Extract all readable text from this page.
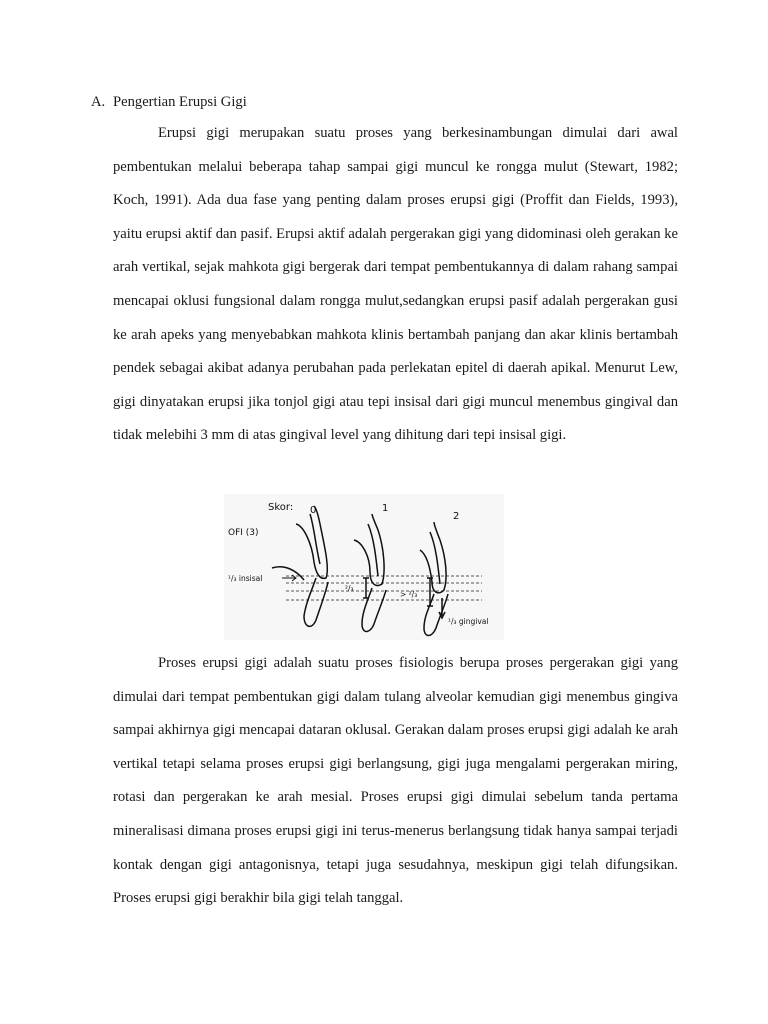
A. Pengertian Erupsi Gigi

Erupsi gigi merupakan suatu proses yang berkesinambungan dimulai dari awal pembentukan melalui beberapa tahap sampai gigi muncul ke rongga mulut (Stewart, 1982; Koch, 1991). Ada dua fase yang penting dalam proses erupsi gigi (Proffit dan Fields, 1993), yaitu erupsi aktif dan pasif. Erupsi aktif adalah pergerakan gigi yang didominasi oleh gerakan ke arah vertikal, sejak mahkota gigi bergerak dari tempat pembentukannya di dalam rahang sampai mencapai oklusi fungsional dalam rongga mulut,sedangkan erupsi pasif adalah pergerakan gusi ke arah apeks yang menyebabkan mahkota klinis bertambah panjang dan akar klinis bertambah pendek sebagai akibat adanya perubahan pada perlekatan epitel di daerah apikal. Menurut Lew, gigi dinyatakan erupsi jika tonjol gigi atau tepi insisal dari gigi muncul menembus gingival dan tidak melebihi 3 mm di atas gingival level yang dihitung dari tepi insisal gigi.

Skor: 0	1
2
OFI (3)
¹/₃ insisal
²/₃
> ²/₃
¹/₃ gingival

Proses erupsi gigi adalah suatu proses fisiologis berupa proses pergerakan gigi yang dimulai dari tempat pembentukan gigi dalam tulang alveolar kemudian gigi menembus gingiva sampai akhirnya gigi mencapai dataran oklusal. Gerakan dalam proses erupsi gigi adalah ke arah vertikal tetapi selama proses erupsi gigi berlangsung, gigi juga mengalami pergerakan miring, rotasi dan pergerakan ke arah mesial. Proses erupsi gigi dimulai sebelum tanda pertama mineralisasi dimana proses erupsi gigi ini terus-menerus berlangsung tidak hanya sampai terjadi kontak dengan gigi antagonisnya, tetapi juga sesudahnya, meskipun gigi telah difungsikan. Proses erupsi gigi berakhir bila gigi telah tanggal.
